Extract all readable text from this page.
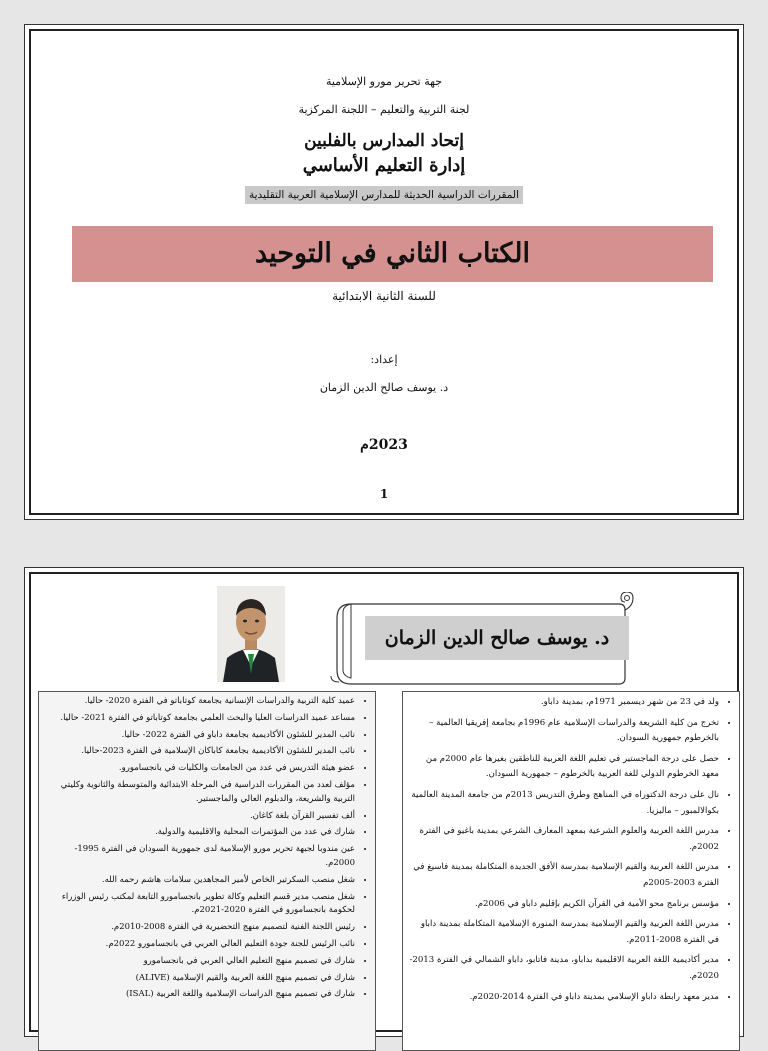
جهة تحرير مورو الإسلامية
لجنة التربية والتعليم – اللجنة المركزية
إتحاد المدارس بالفلبين
إدارة التعليم الأساسي
المقررات الدراسية الحديثة للمدارس الإسلامية العربية التقليدية
الكتاب الثاني في التوحيد
للسنة الثانية الابتدائية
إعداد:
د. يوسف صالح الدين الزمان
2023م
1
د. يوسف صالح الدين الزمان
• عميد كلية التربية والدراسات الإنسانية بجامعة كوتاباتو في الفترة 2020- حاليا.
• مساعد عميد الدراسات العليا والبحث العلمي بجامعة كوتاباتو في الفترة 2021- حاليا.
• نائب المدير للشئون الأكاديمية بجامعة داباو في الفترة 2022- حاليا.
• نائب المدير للشئون الأكاديمية بجامعة كاباكان الإسلامية في الفترة 2023-حاليا.
• عضو هيئة التدريس في عدد من الجامعات والكليات في بانجسامورو.
• مؤلف لعدد من المقررات الدراسية في المرحلة الابتدائية والمتوسطة والثانوية وكليتي التربية والشريعة، والدبلوم العالي والماجستير.
• ألف تفسير القرآن بلغة كاغان.
• شارك في عدد من المؤتمرات المحلية والاقليمية والدولية.
• عين مندوبا لجبهة تحرير مورو الإسلامية لدى جمهورية السودان في الفترة 1995-2000م.
• شغل منصب السكرتير الخاص لأمير المجاهدين سلامات هاشم رحمه الله.
• شغل منصب مدير قسم التعليم وكالة تطوير بانجسامورو التابعة لمكتب رئيس الوزراء لحكومة بانجسامورو في الفترة 2020-2021م.
• رئيس اللجنة الفنية لتصميم منهج التحضيرية في الفترة 2008-2010م.
• نائب الرئيس للجنة جودة التعليم العالي العربي في بانجسامورو 2022م.
• شارك في تصميم منهج التعليم العالي العربي في بانجسامورو
• شارك في تصميم منهج اللغة العربية والقيم الإسلامية (ALIVE)
• شارك في تصميم منهج الدراسات الإسلامية واللغة العربية (ISAL)
• ولد في 23 من شهر ديسمبر 1971م، بمدينة داباو.
• تخرج من كلية الشريعة والدراسات الإسلامية عام 1996م بجامعة إفريقيا العالمية – بالخرطوم جمهورية السودان.
• حصل على درجة الماجستير في تعليم اللغة العربية للناطقين بغيرها عام 2000م من معهد الخرطوم الدولي للغة العربية بالخرطوم – جمهورية السودان.
• نال على درجة الدكتوراه في المناهج وطرق التدريس 2013م من جامعة المدينة العالمية بكوالالمبور – ماليزيا.
• مدرس اللغة العربية والعلوم الشرعية بمعهد المعارف الشرعي بمدينة باغيو في الفترة 2002م.
• مدرس اللغة العربية والقيم الإسلامية بمدرسة الأفق الجديدة المتكاملة بمدينة فاسيغ في الفترة 2003-2005م
• مؤسس برنامج محو الأمية في القرآن الكريم بإقليم داباو في 2006م.
• مدرس اللغة العربية والقيم الإسلامية بمدرسة المنورة الإسلامية المتكاملة بمدينة داباو في الفترة 2008-2011م.
• مدير أكاديمية اللغة العربية الاقليمية بداباو، مدينة فاتابو، داباو الشمالي في الفترة 2013-2020م.
• مدير معهد رابطة داباو الإسلامي بمدينة داباو في الفترة 2014-2020م.
